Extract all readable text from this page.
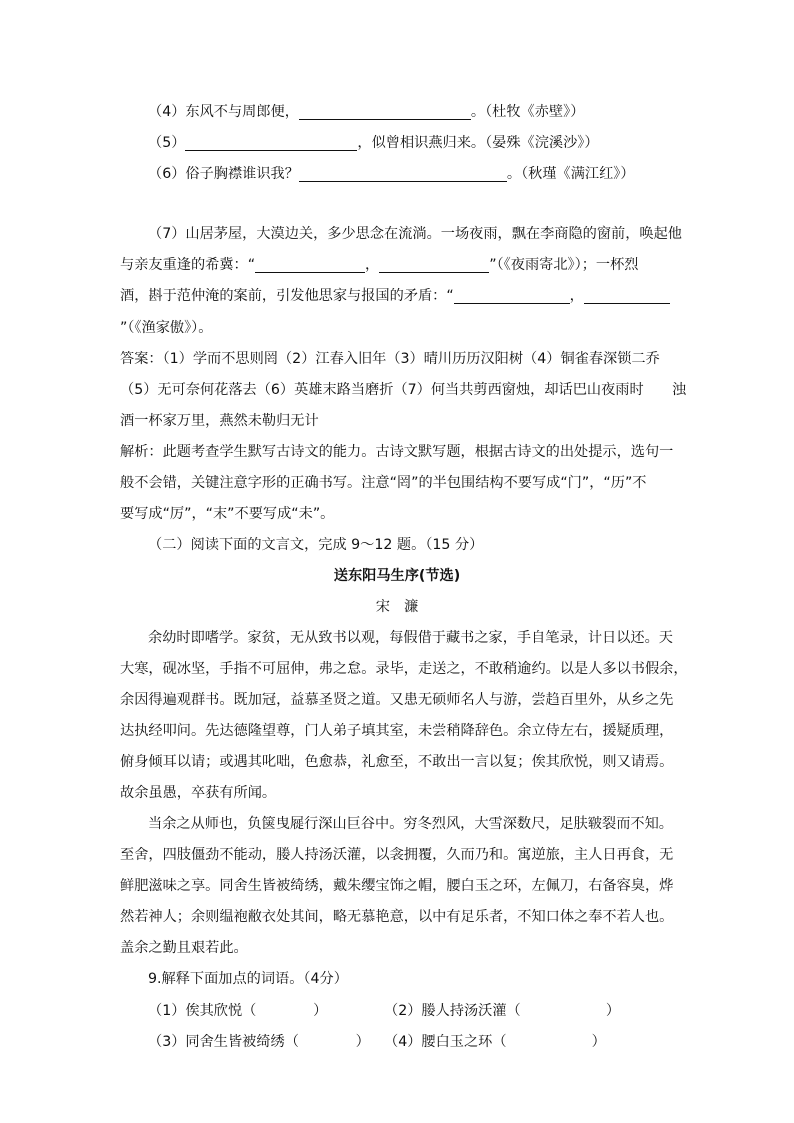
（4）东风不与周郎便，	。（杜牧《赤壁》）
（5）	，似曾相识燕归来。（晏殊《浣溪沙》）
（6）俗子胸襟谁识我？	。（秋瑾《满江红》）
（7）山居茅屋，大漠边关，多少思念在流淌。一场夜雨，飘在李商隐的窗前，唤起他
与亲友重逢的希冀：“	，	”（《夜雨寄北》）；一杯烈
酒，斟于范仲淹的案前，引发他思家与报国的矛盾：“	，
”（《渔家傲》）。
答案：（1）学而不思则罔（2）江春入旧年（3）晴川历历汉阳树（4）铜雀春深锁二乔
（5）无可奈何花落去（6）英雄末路当磨折（7）何当共剪西窗烛，却话巴山夜雨时　　浊
酒一杯家万里，燕然未勒归无计
解析：此题考查学生默写古诗文的能力。古诗文默写题，根据古诗文的出处提示，选句一
般不会错，关键注意字形的正确书写。注意“罔”的半包围结构不要写成“门”，“历”不
要写成“厉”，“末”不要写成“未”。
（二）阅读下面的文言文，完成 9～12 题。（15 分）
送东阳马生序(节选)
宋　濂
余幼时即嗜学。家贫，无从致书以观，每假借于藏书之家，手自笔录，计日以还。天
大寒，砚冰坚，手指不可屈伸，弗之怠。录毕，走送之，不敢稍逾约。以是人多以书假余，
余因得遍观群书。既加冠，益慕圣贤之道。又患无硕师名人与游，尝趋百里外，从乡之先
达执经叩问。先达德隆望尊，门人弟子填其室，未尝稍降辞色。余立侍左右，援疑质理，
俯身倾耳以请；或遇其叱咄，色愈恭，礼愈至，不敢出一言以复；俟其欣悦，则又请焉。
故余虽愚，卒获有所闻。
当余之从师也，负箧曳屣行深山巨谷中。穷冬烈风，大雪深数尺，足肤皲裂而不知。
至舍，四肢僵劲不能动，媵人持汤沃灌，以衾拥覆，久而乃和。寓逆旅，主人日再食，无
鲜肥滋味之享。同舍生皆被绮绣，戴朱缨宝饰之帽，腰白玉之环，左佩刀，右备容臭，烨
然若神人；余则缊袍敝衣处其间，略无慕艳意，以中有足乐者，不知口体之奉不若人也。
盖余之勤且艰若此。
9.解释下面加点的词语。（4分）
（1）俟其欣悦（　　　　）	（2）媵人持汤沃灌（　　　　　　）
（3）同舍生皆被绮绣（　　　　） （4）腰白玉之环（　　　　　　）
